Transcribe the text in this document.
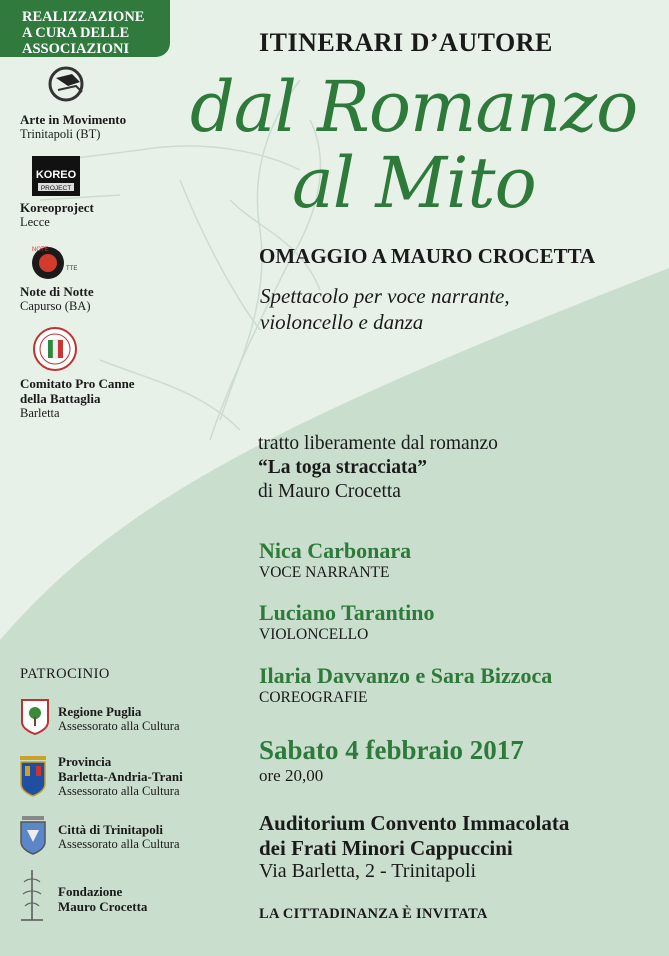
REALIZZAZIONE
A CURA DELLE
ASSOCIAZIONI
Arte in Movimento
Trinitapoli (BT)
KOREO
PROJECT
Koreoproject
Lecce
NOTE
TTE
Note di Notte
Capurso (BA)
Comitato Pro Canne
della Battaglia
Barletta
ITINERARI D’AUTORE
dal Romanzo
al Mito
OMAGGIO A MAURO CROCETTA
Spettacolo per voce narrante,
violoncello e danza
tratto liberamente dal romanzo
“La toga stracciata”
di Mauro Crocetta
Nica Carbonara
VOCE NARRANTE
Luciano Tarantino
VIOLONCELLO
Ilaria Davvanzo e Sara Bizzoca
COREOGRAFIE
Sabato 4 febbraio 2017
ore 20,00
Auditorium Convento Immacolata
dei Frati Minori Cappuccini
Via Barletta, 2 - Trinitapoli
LA CITTADINANZA È INVITATA
PATROCINIO
Regione Puglia
Assessorato alla Cultura
Provincia
Barletta-Andria-Trani
Assessorato alla Cultura
Città di Trinitapoli
Assessorato alla Cultura
Fondazione
Mauro Crocetta
